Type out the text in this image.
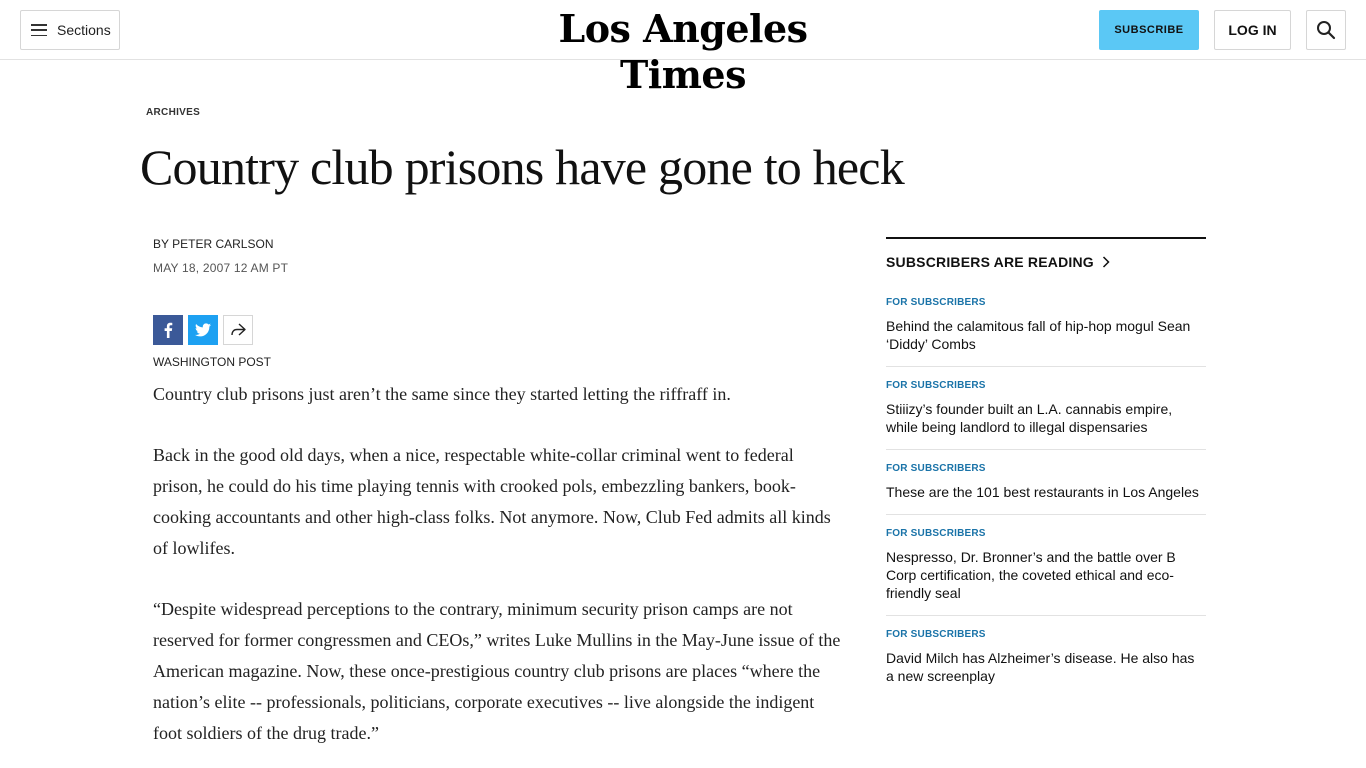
Sections	Los Angeles Times
SUBSCRIBE	LOG IN
ARCHIVES
Country club prisons have gone to heck
BY PETER CARLSON
MAY 18, 2007 12 AM PT
WASHINGTON POST

Country club prisons just aren’t the same since they started letting the riffraff in.

Back in the good old days, when a nice, respectable white-collar criminal went to federal prison, he could do his time playing tennis with crooked pols, embezzling bankers, book-cooking accountants and other high-class folks. Not anymore. Now, Club Fed admits all kinds of lowlifes.

“Despite widespread perceptions to the contrary, minimum security prison camps are not reserved for former congressmen and CEOs,” writes Luke Mullins in the May-June issue of the American magazine. Now, these once-prestigious country club prisons are places “where the nation’s elite -- professionals, politicians, corporate executives -- live alongside the indigent foot soldiers of the drug trade.”

SUBSCRIBERS ARE READING
FOR SUBSCRIBERS
Behind the calamitous fall of hip-hop mogul Sean ‘Diddy’ Combs
FOR SUBSCRIBERS
Stiiizy’s founder built an L.A. cannabis empire, while being landlord to illegal dispensaries
FOR SUBSCRIBERS
These are the 101 best restaurants in Los Angeles
FOR SUBSCRIBERS
Nespresso, Dr. Bronner’s and the battle over B Corp certification, the coveted ethical and eco-friendly seal
FOR SUBSCRIBERS
David Milch has Alzheimer’s disease. He also has a new screenplay
